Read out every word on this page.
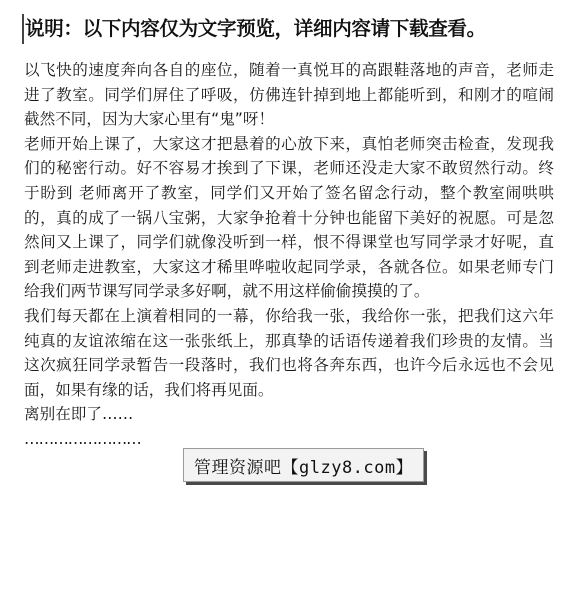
说明：以下内容仅为文字预览，详细内容请下载查看。

以飞快的速度奔向各自的座位，随着一真悦耳的高跟鞋落地的声音，老师走进了教室。同学们屏住了呼吸，仿佛连针掉到地上都能听到，和刚才的喧闹截然不同，因为大家心里有“鬼”呀！

老师开始上课了，大家这才把悬着的心放下来，真怕老师突击检查，发现我们的秘密行动。好不容易才挨到了下课，老师还没走大家不敢贸然行动。终 于盼到 老师离开了教室，同学们又开始了签名留念行动，整个教室闹哄哄的，真的成了一锅八宝粥，大家争抢着十分钟也能留下美好的祝愿。可是忽然间又上课了，同学们就像没听到一样，恨不得课堂也写同学录才好呢，直到老师走进教室，大家这才稀里哗啦收起同学录，各就各位。如果老师专门给我们两节课写同学录多好啊，就不用这样偷偷摸摸的了。

我们每天都在上演着相同的一幕，你给我一张，我给你一张，把我们这六年纯真的友谊浓缩在这一张张纸上，那真挚的话语传递着我们珍贵的友情。当这次疯狂同学录暂告一段落时，我们也将各奔东西，也许今后永远也不会见面，如果有缘的话，我们将再见面。

离别在即了……

……………………

管理资源吧【glzy8.com】
